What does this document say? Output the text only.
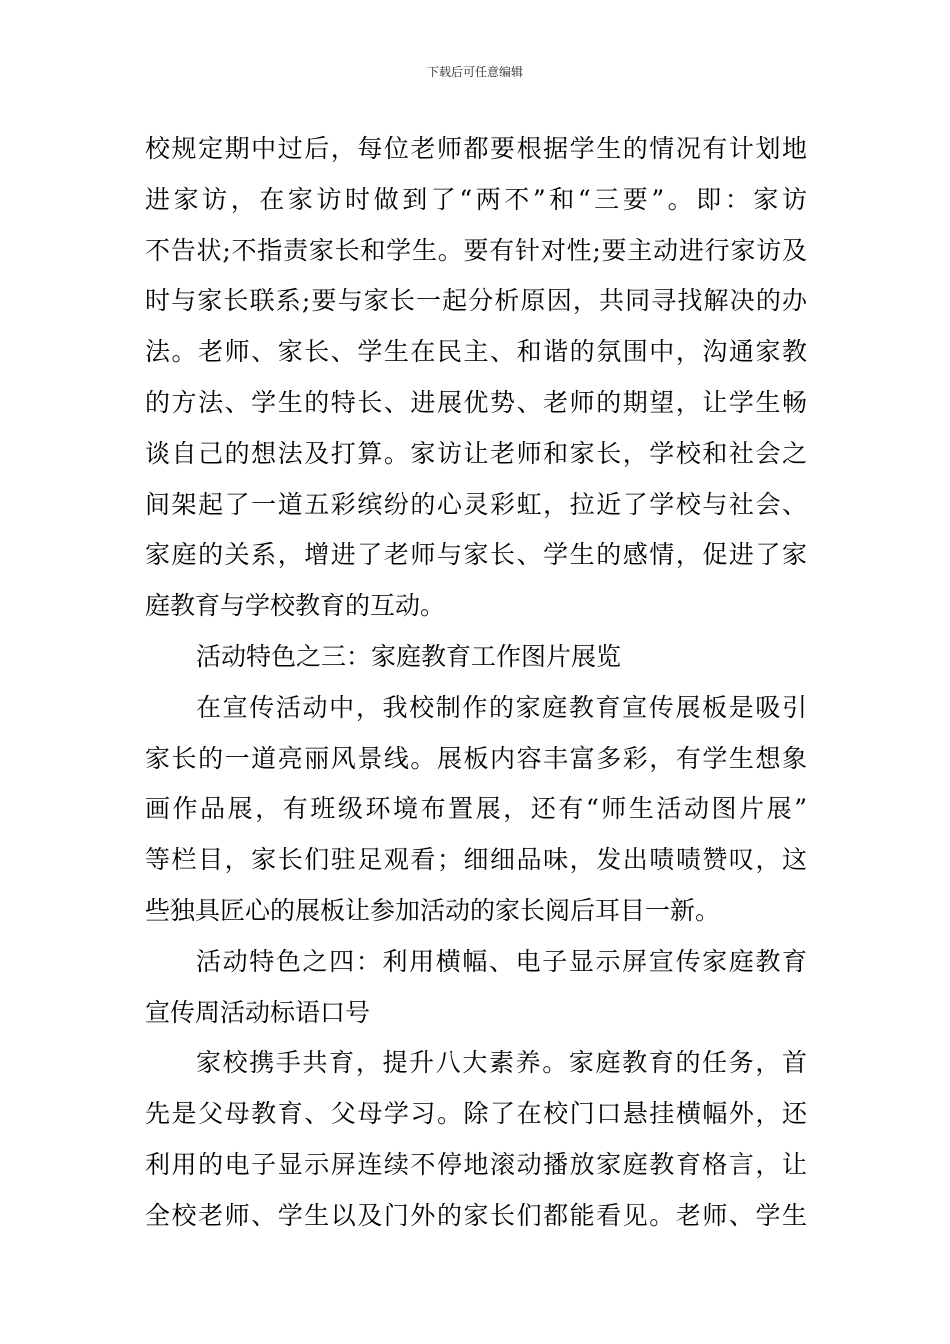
下载后可任意编辑
校规定期中过后，每位老师都要根据学生的情况有计划地
进家访，在家访时做到了“两不”和“三要”。即：家访
不告状;不指责家长和学生。要有针对性;要主动进行家访及
时与家长联系;要与家长一起分析原因，共同寻找解决的办
法。老师、家长、学生在民主、和谐的氛围中，沟通家教
的方法、学生的特长、进展优势、老师的期望，让学生畅
谈自己的想法及打算。家访让老师和家长，学校和社会之
间架起了一道五彩缤纷的心灵彩虹，拉近了学校与社会、
家庭的关系，增进了老师与家长、学生的感情，促进了家
庭教育与学校教育的互动。
活动特色之三：家庭教育工作图片展览
在宣传活动中，我校制作的家庭教育宣传展板是吸引
家长的一道亮丽风景线。展板内容丰富多彩，有学生想象
画作品展，有班级环境布置展，还有“师生活动图片展”
等栏目，家长们驻足观看；细细品味，发出啧啧赞叹，这
些独具匠心的展板让参加活动的家长阅后耳目一新。
活动特色之四：利用横幅、电子显示屏宣传家庭教育
宣传周活动标语口号
家校携手共育，提升八大素养。家庭教育的任务，首
先是父母教育、父母学习。除了在校门口悬挂横幅外，还
利用的电子显示屏连续不停地滚动播放家庭教育格言，让
全校老师、学生以及门外的家长们都能看见。老师、学生
